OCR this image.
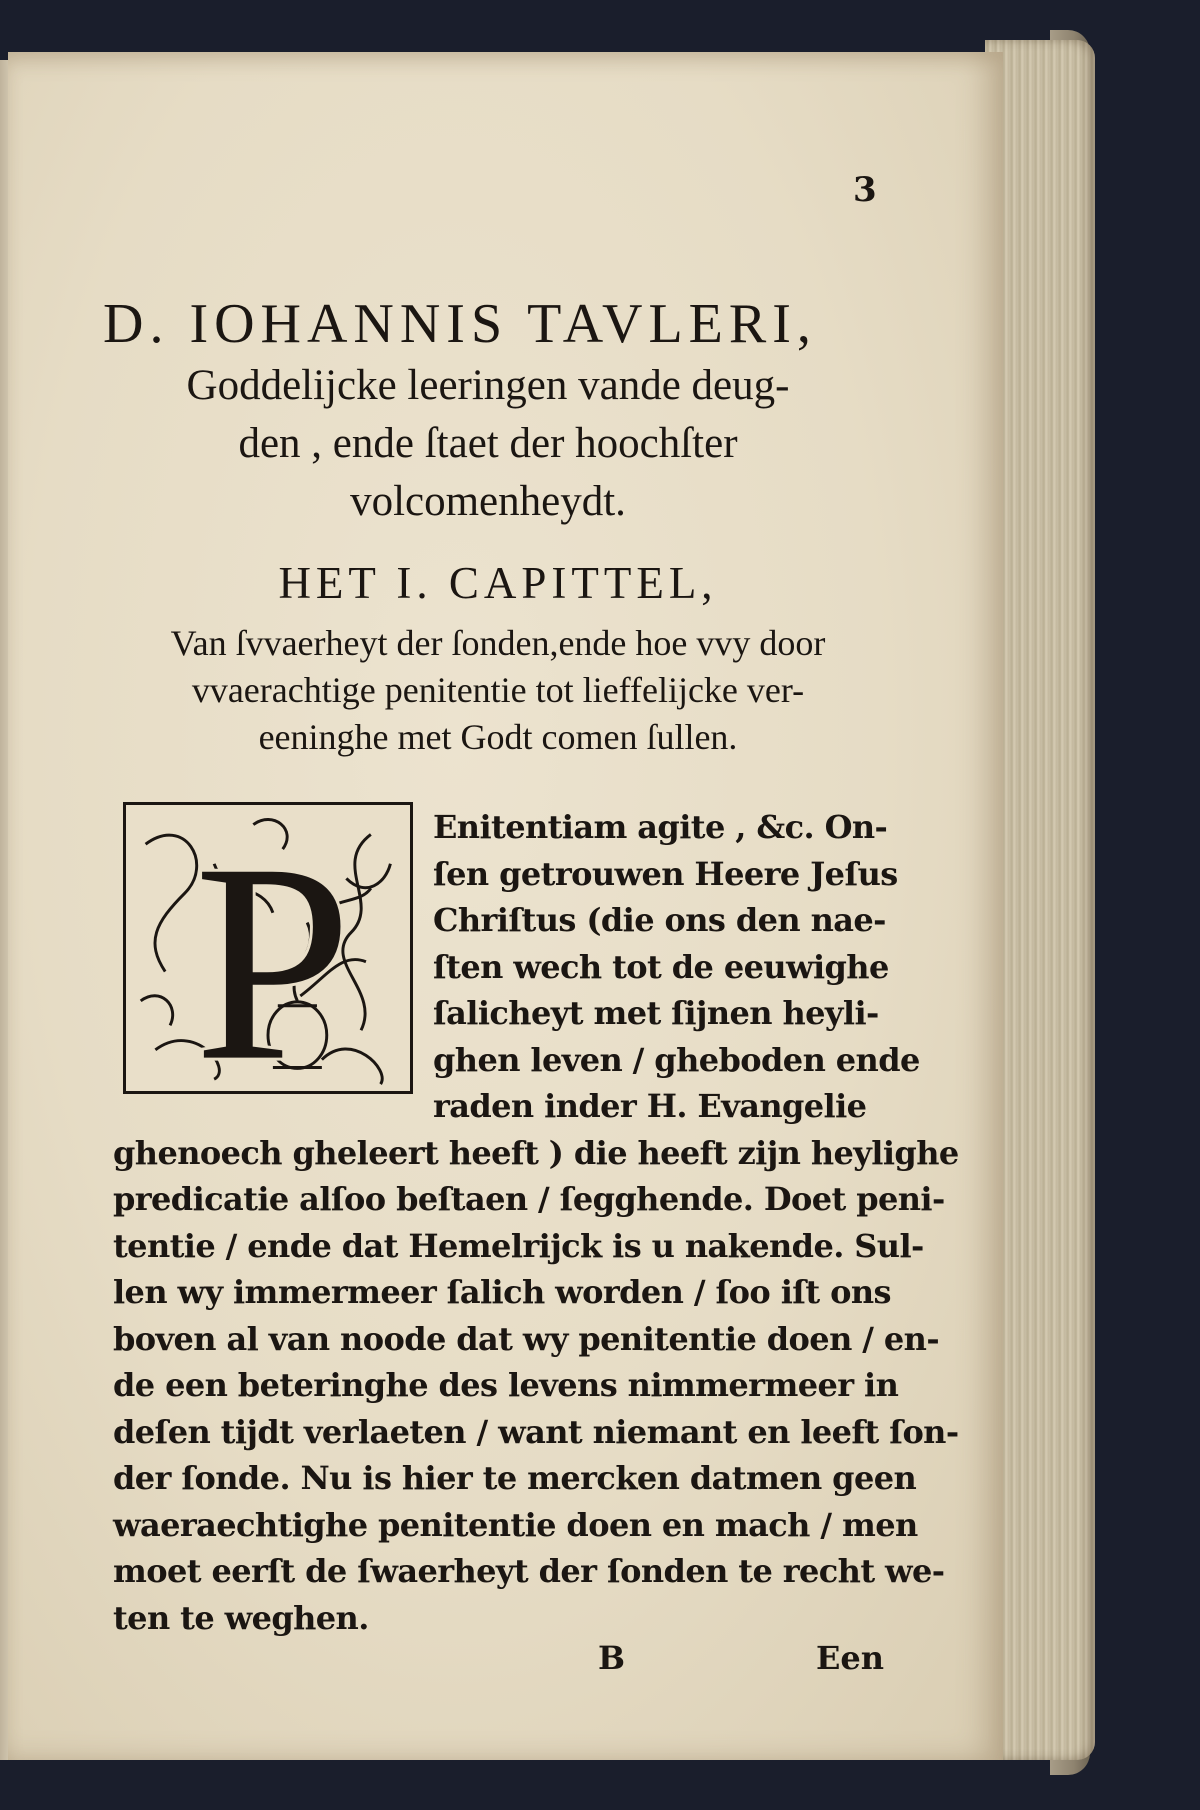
3
D. IOHANNIS TAVLERI,
Goddelijcke leeringen vande deug-
den , ende ſtaet der hoochſter
volcomenheydt.
HET I. CAPITTEL,
Van ſvvaerheyt der ſonden,ende hoe vvy door
vvaerachtige penitentie tot lieffelijcke ver-
eeninghe met Godt comen ſullen.
P	Enitentiam agite , &c. On-
ſen getrouwen Heere Jeſus
Chriſtus (die ons den nae-
ſten wech tot de eeuwighe
ſalicheyt met ſijnen heyli-
ghen leven / gheboden ende
raden inder H. Evangelie
ghenoech gheleert heeft ) die heeft zijn heylighe
predicatie alſoo beſtaen / ſegghende. Doet peni-
tentie / ende dat Hemelrijck is u nakende. Sul-
len wy immermeer ſalich worden / ſoo iſt ons
boven al van noode dat wy penitentie doen / en-
de een beteringhe des levens nimmermeer in
deſen tijdt verlaeten / want niemant en leeft ſon-
der ſonde. Nu is hier te mercken datmen geen
waeraechtighe penitentie doen en mach / men
moet eerſt de ſwaerheyt der ſonden te recht we-
ten te weghen.
B	Een
